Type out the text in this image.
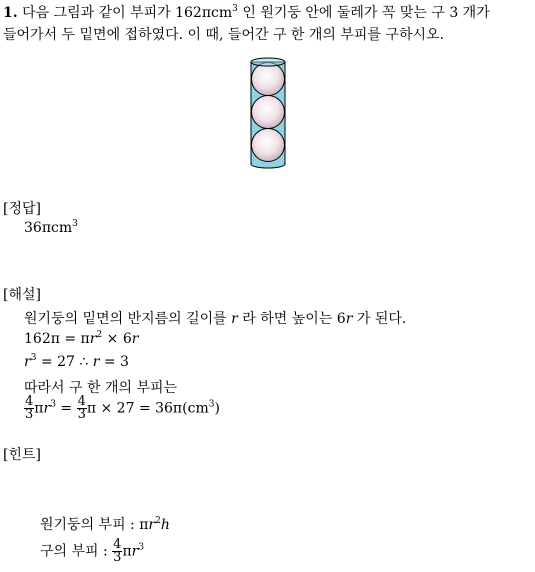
1. 다음 그림과 같이 부피가 162πcm$^3$ 인 원기둥 안에 둘레가 꼭 맞는 구 3 개가
들어가서 두 밑면에 접하였다. 이 때, 들어간 구 한 개의 부피를 구하시오.
[정답]
36πcm$^3$
[해설]
원기둥의 밑면의 반지름의 길이를 r 라 하면 높이는 6r 가 된다.
$162\pi = \pi r^2 \times 6r$
$r^3 = 27$ ∴ r = 3
따라서 구 한 개의 부피는
$\frac{4}{3} \pi r^3 = \frac{4}{3}$ $\pi \times 27 = 36\pi(cm^3)$
[힌트]
원기둥의 부피 : $\pi r^2h$
구의 부피 : $\frac{4}{3} \pi r^3$
